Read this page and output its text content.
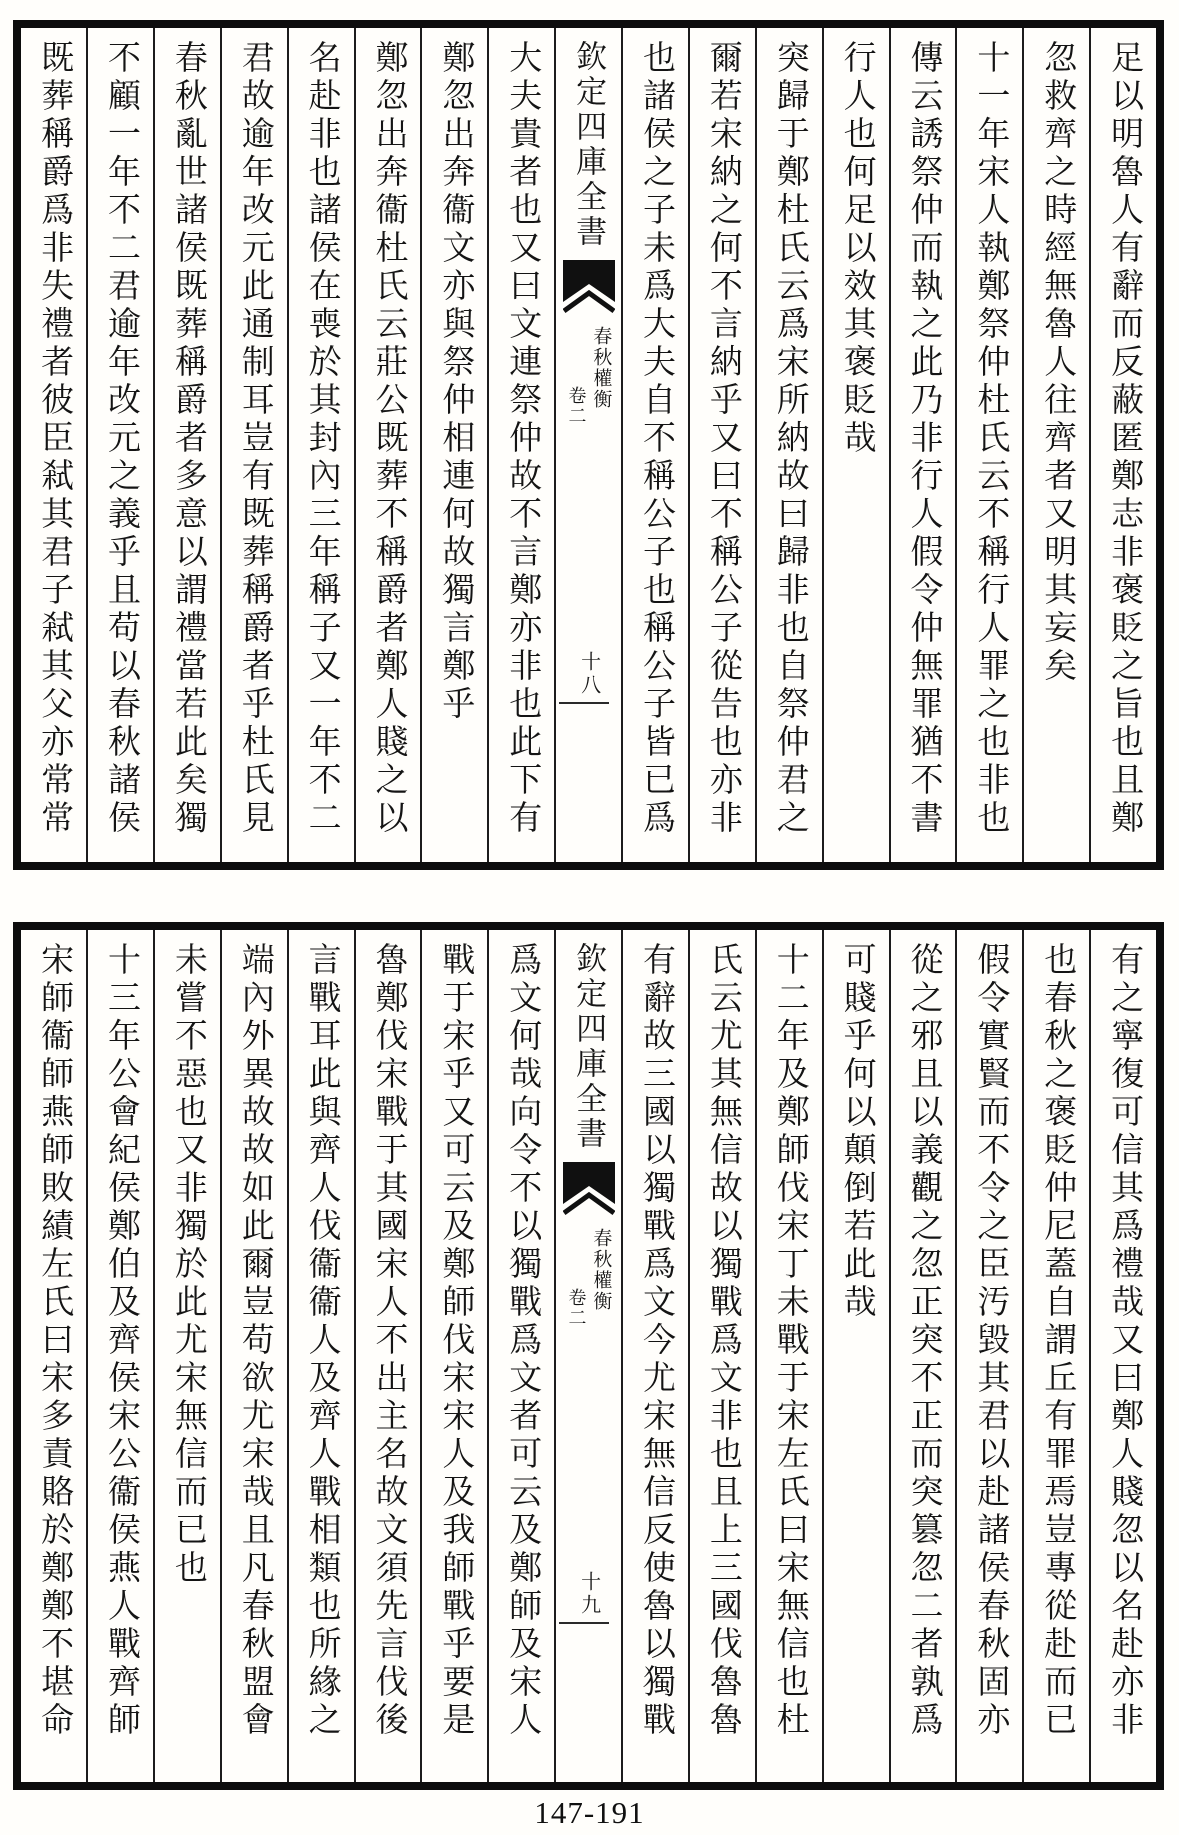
足以明魯人有辭而反蔽匿鄭志非褒貶之旨也且鄭
忽救齊之時經無魯人往齊者又明其妄矣
十一年宋人執鄭祭仲杜氏云不稱行人罪之也非也
傳云誘祭仲而執之此乃非行人假令仲無罪猶不書
行人也何足以效其褒貶哉
突歸于鄭杜氏云爲宋所納故曰歸非也自祭仲君之
爾若宋納之何不言納乎又曰不稱公子從告也亦非
也諸侯之子未爲大夫自不稱公子也稱公子皆已爲
欽定四庫全書
春秋權衡
卷二
十八
大夫貴者也又曰文連祭仲故不言鄭亦非也此下有
鄭忽出奔衞文亦與祭仲相連何故獨言鄭乎
鄭忽出奔衞杜氏云莊公既葬不稱爵者鄭人賤之以
名赴非也諸侯在喪於其封內三年稱子又一年不二
君故逾年改元此通制耳豈有既葬稱爵者乎杜氏見
春秋亂世諸侯既葬稱爵者多意以謂禮當若此矣獨
不顧一年不二君逾年改元之義乎且苟以春秋諸侯
既葬稱爵爲非失禮者彼臣弒其君子弒其父亦常常
有之寧復可信其爲禮哉又曰鄭人賤忽以名赴亦非
也春秋之褒貶仲尼蓋自謂丘有罪焉豈專從赴而已
假令實賢而不令之臣汚毀其君以赴諸侯春秋固亦
從之邪且以義觀之忽正突不正而突篡忽二者孰爲
可賤乎何以顛倒若此哉
十二年及鄭師伐宋丁未戰于宋左氏曰宋無信也杜
氏云尤其無信故以獨戰爲文非也且上三國伐魯魯
有辭故三國以獨戰爲文今尤宋無信反使魯以獨戰
欽定四庫全書
春秋權衡
卷二
十九
爲文何哉向令不以獨戰爲文者可云及鄭師及宋人
戰于宋乎又可云及鄭師伐宋宋人及我師戰乎要是
魯鄭伐宋戰于其國宋人不出主名故文須先言伐後
言戰耳此與齊人伐衞衞人及齊人戰相類也所緣之
端內外異故故如此爾豈苟欲尤宋哉且凡春秋盟會
未嘗不惡也又非獨於此尤宋無信而已也
十三年公會紀侯鄭伯及齊侯宋公衞侯燕人戰齊師
宋師衞師燕師敗績左氏曰宋多責賂於鄭鄭不堪命
147-191
